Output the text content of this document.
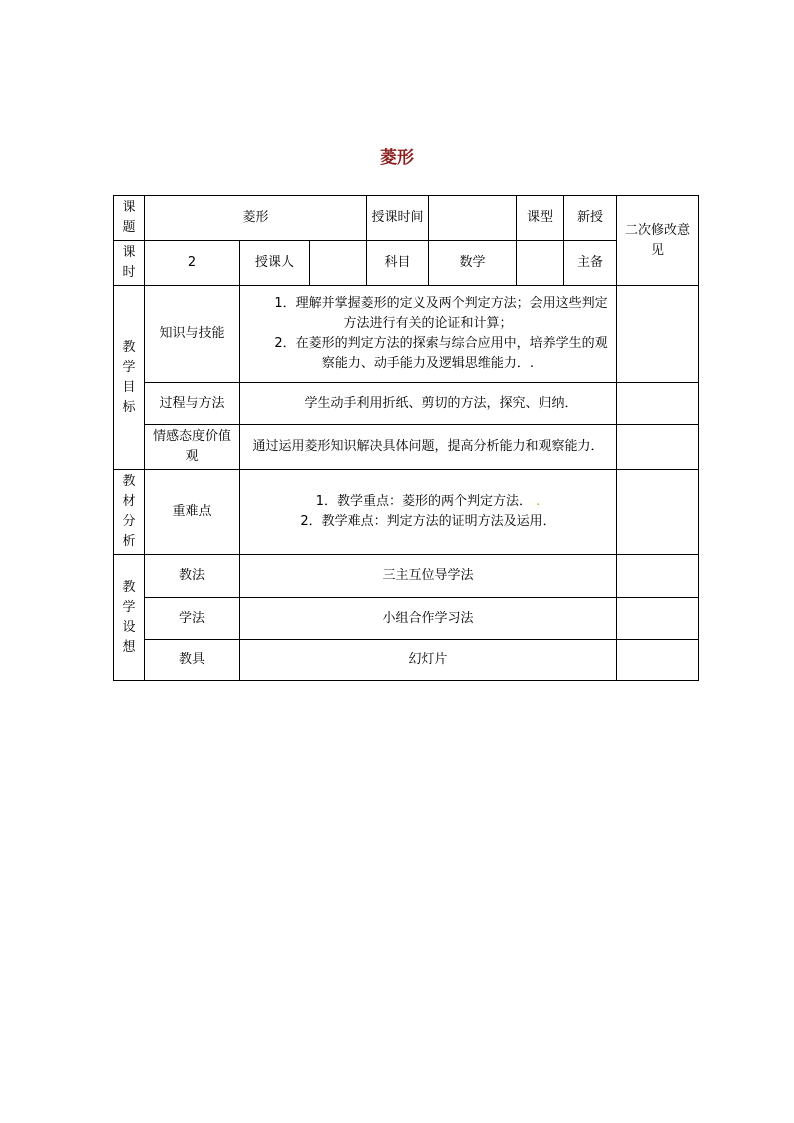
菱形
课题	菱形			授课时间		课型	新授	二次修改意见
课时	2	授课人		科目	数学		主备	
教学目标	知识与技能	1．理解并掌握菱形的定义及两个判定方法；会用这些判定方法进行有关的论证和计算；

2．在菱形的判定方法的探索与综合应用中，培养学生的观察能力、动手能力及逻辑思维能力．.						

	过程与方法	学生动手利用折纸、剪切的方法，探究、归纳．						
	情感态度价值观	通过运用菱形知识解决具体问题，提高分析能力和观察能力．						
教材分析	重难点	1．教学重点：菱形的两个判定方法． .

2．教学难点：判定方法的证明方法及运用．						

教学设想	教法	三主互位导学法						
	学法	小组合作学习法						
	教具	幻灯片						
